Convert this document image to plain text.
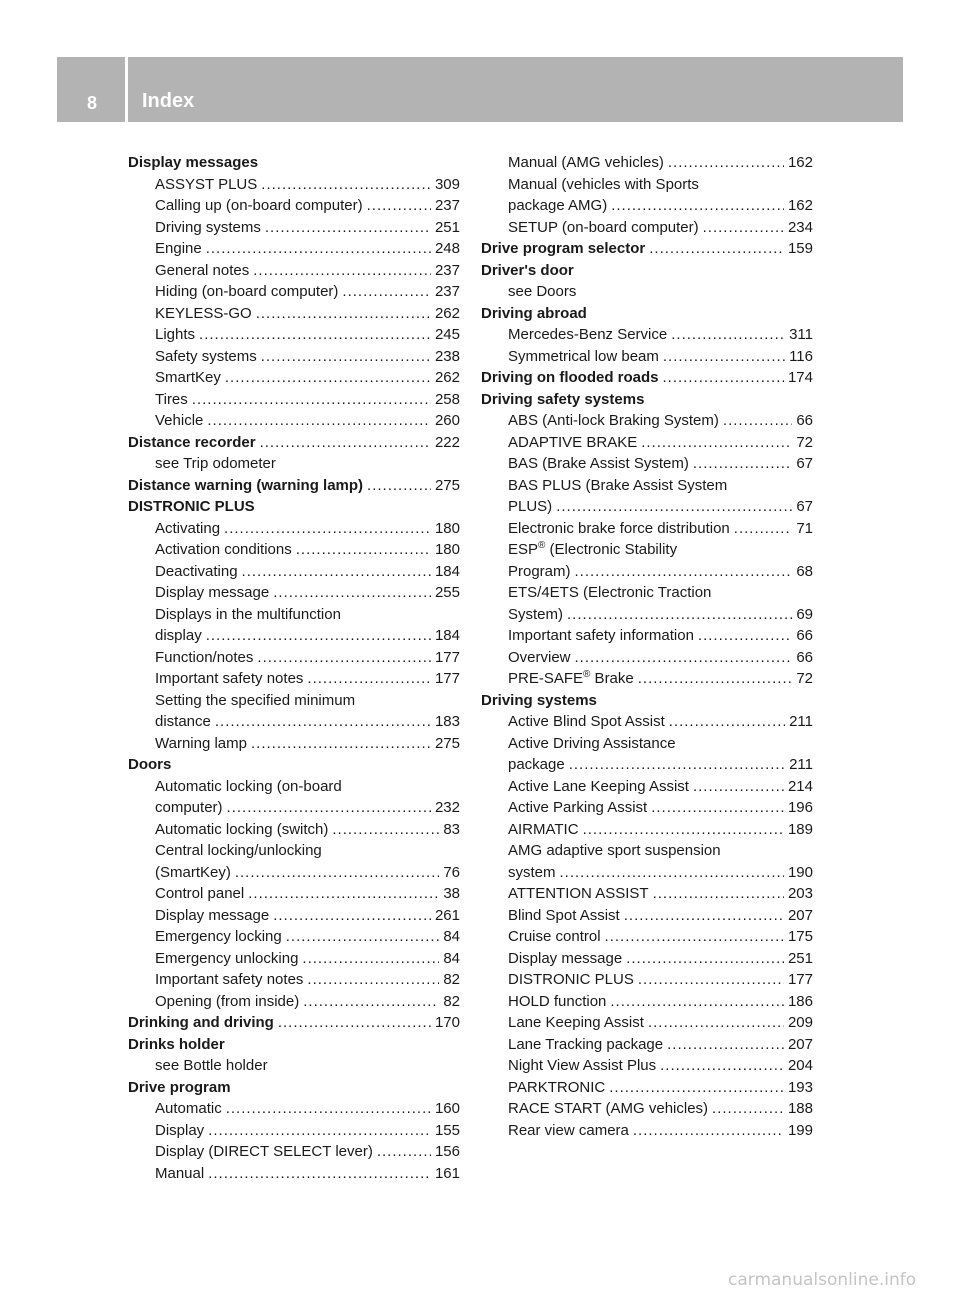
8 Index
Display messages
ASSYST PLUS .....	309
Calling up (on-board computer) .....	237
Driving systems .....	251
Engine .....	248
General notes .....	237
Hiding (on-board computer) .....	237
KEYLESS-GO .....	262
Lights .....	245
Safety systems .....	238
SmartKey .....	262
Tires .....	258
Vehicle .....	260
Distance recorder .....	222
see Trip odometer
Distance warning (warning lamp) .....	275
DISTRONIC PLUS
Activating .....	180
Activation conditions .....	180
Deactivating .....	184
Display message .....	255
Displays in the multifunction
display .....	184
Function/notes .....	177
Important safety notes .....	177
Setting the specified minimum
distance .....	183
Warning lamp .....	275
Doors
Automatic locking (on-board
computer) .....	232
Automatic locking (switch) .....	83
Central locking/unlocking
(SmartKey) .....	76
Control panel .....	38
Display message .....	261
Emergency locking .....	84
Emergency unlocking .....	84
Important safety notes .....	82
Opening (from inside) .....	82
Drinking and driving .....	170
Drinks holder
see Bottle holder
Drive program
Automatic .....	160
Display .....	155
Display (DIRECT SELECT lever) .....	156
Manual .....	161
Manual (AMG vehicles) .....	162
Manual (vehicles with Sports
package AMG) .....	162
SETUP (on-board computer) .....	234
Drive program selector .....	159
Driver's door
see Doors
Driving abroad
Mercedes-Benz Service .....	311
Symmetrical low beam .....	116
Driving on flooded roads .....	174
Driving safety systems
ABS (Anti-lock Braking System) .....	66
ADAPTIVE BRAKE .....	72
BAS (Brake Assist System) .....	67
BAS PLUS (Brake Assist System
PLUS) .....	67
Electronic brake force distribution .....	71
ESP® (Electronic Stability
Program) .....	68
ETS/4ETS (Electronic Traction
System) .....	69
Important safety information .....	66
Overview .....	66
PRE-SAFE® Brake .....	72
Driving systems
Active Blind Spot Assist .....	211
Active Driving Assistance
package .....	211
Active Lane Keeping Assist .....	214
Active Parking Assist .....	196
AIRMATIC .....	189
AMG adaptive sport suspension
system .....	190
ATTENTION ASSIST .....	203
Blind Spot Assist .....	207
Cruise control .....	175
Display message .....	251
DISTRONIC PLUS .....	177
HOLD function .....	186
Lane Keeping Assist .....	209
Lane Tracking package .....	207
Night View Assist Plus .....	204
PARKTRONIC .....	193
RACE START (AMG vehicles) .....	188
Rear view camera .....	199
carmanualsonline.info
